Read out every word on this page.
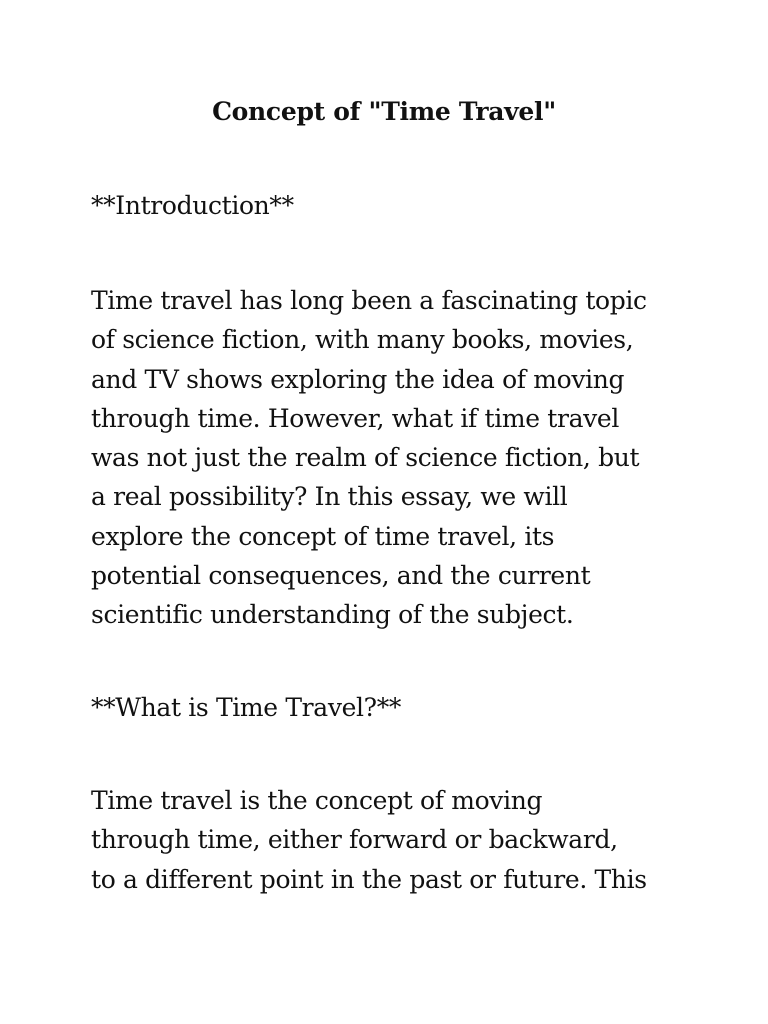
Concept of "Time Travel"
**Introduction**
Time travel has long been a fascinating topic
of science fiction, with many books, movies,
and TV shows exploring the idea of moving
through time. However, what if time travel
was not just the realm of science fiction, but
a real possibility? In this essay, we will
explore the concept of time travel, its
potential consequences, and the current
scientific understanding of the subject.
**What is Time Travel?**
Time travel is the concept of moving
through time, either forward or backward,
to a different point in the past or future. This
